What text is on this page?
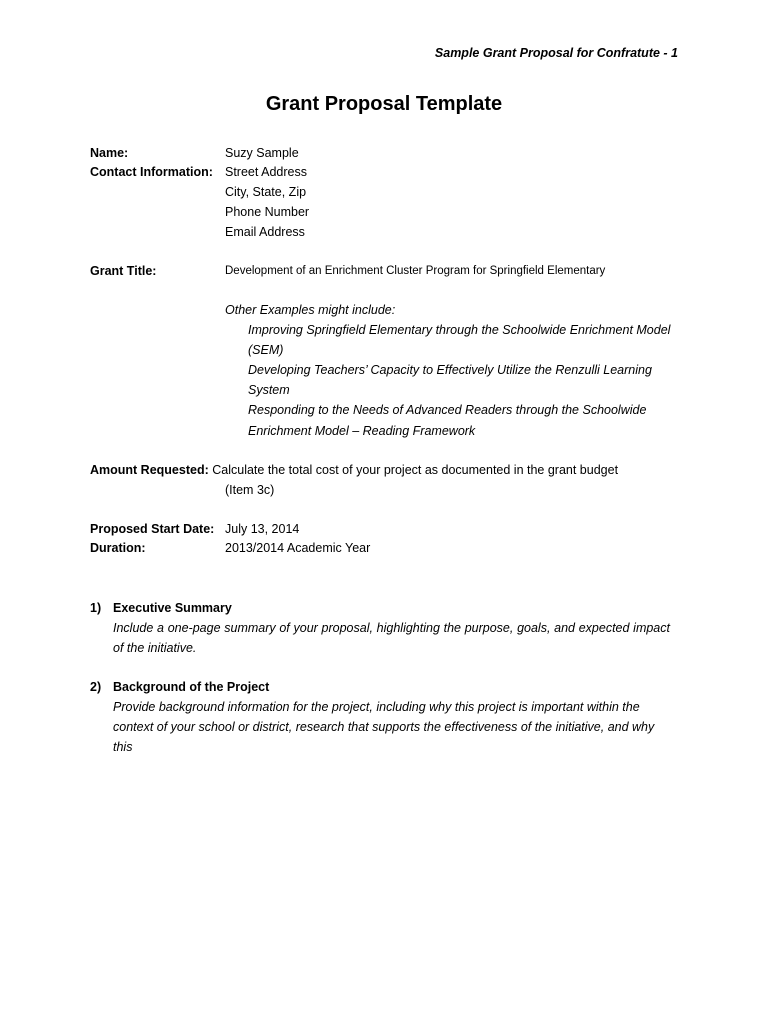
Sample Grant Proposal for Confratute - 1
Grant Proposal Template
Name:	Suzy Sample
Contact Information: Street Address
City, State, Zip
Phone Number
Email Address
Grant Title:	Development of an Enrichment Cluster Program for Springfield Elementary
Other Examples might include:
Improving Springfield Elementary through the Schoolwide Enrichment Model
(SEM)
Developing Teachers’ Capacity to Effectively Utilize the Renzulli Learning
System
Responding to the Needs of Advanced Readers through the Schoolwide
Enrichment Model – Reading Framework
Amount Requested: Calculate the total cost of your project as documented in the grant budget
(Item 3c)
Proposed Start Date: July 13, 2014
Duration:	2013/2014 Academic Year
1) Executive Summary
Include a one-page summary of your proposal, highlighting the purpose, goals, and expected impact of the initiative.
2) Background of the Project
Provide background information for the project, including why this project is important within the
context of your school or district, research that supports the effectiveness of the initiative, and why
this
